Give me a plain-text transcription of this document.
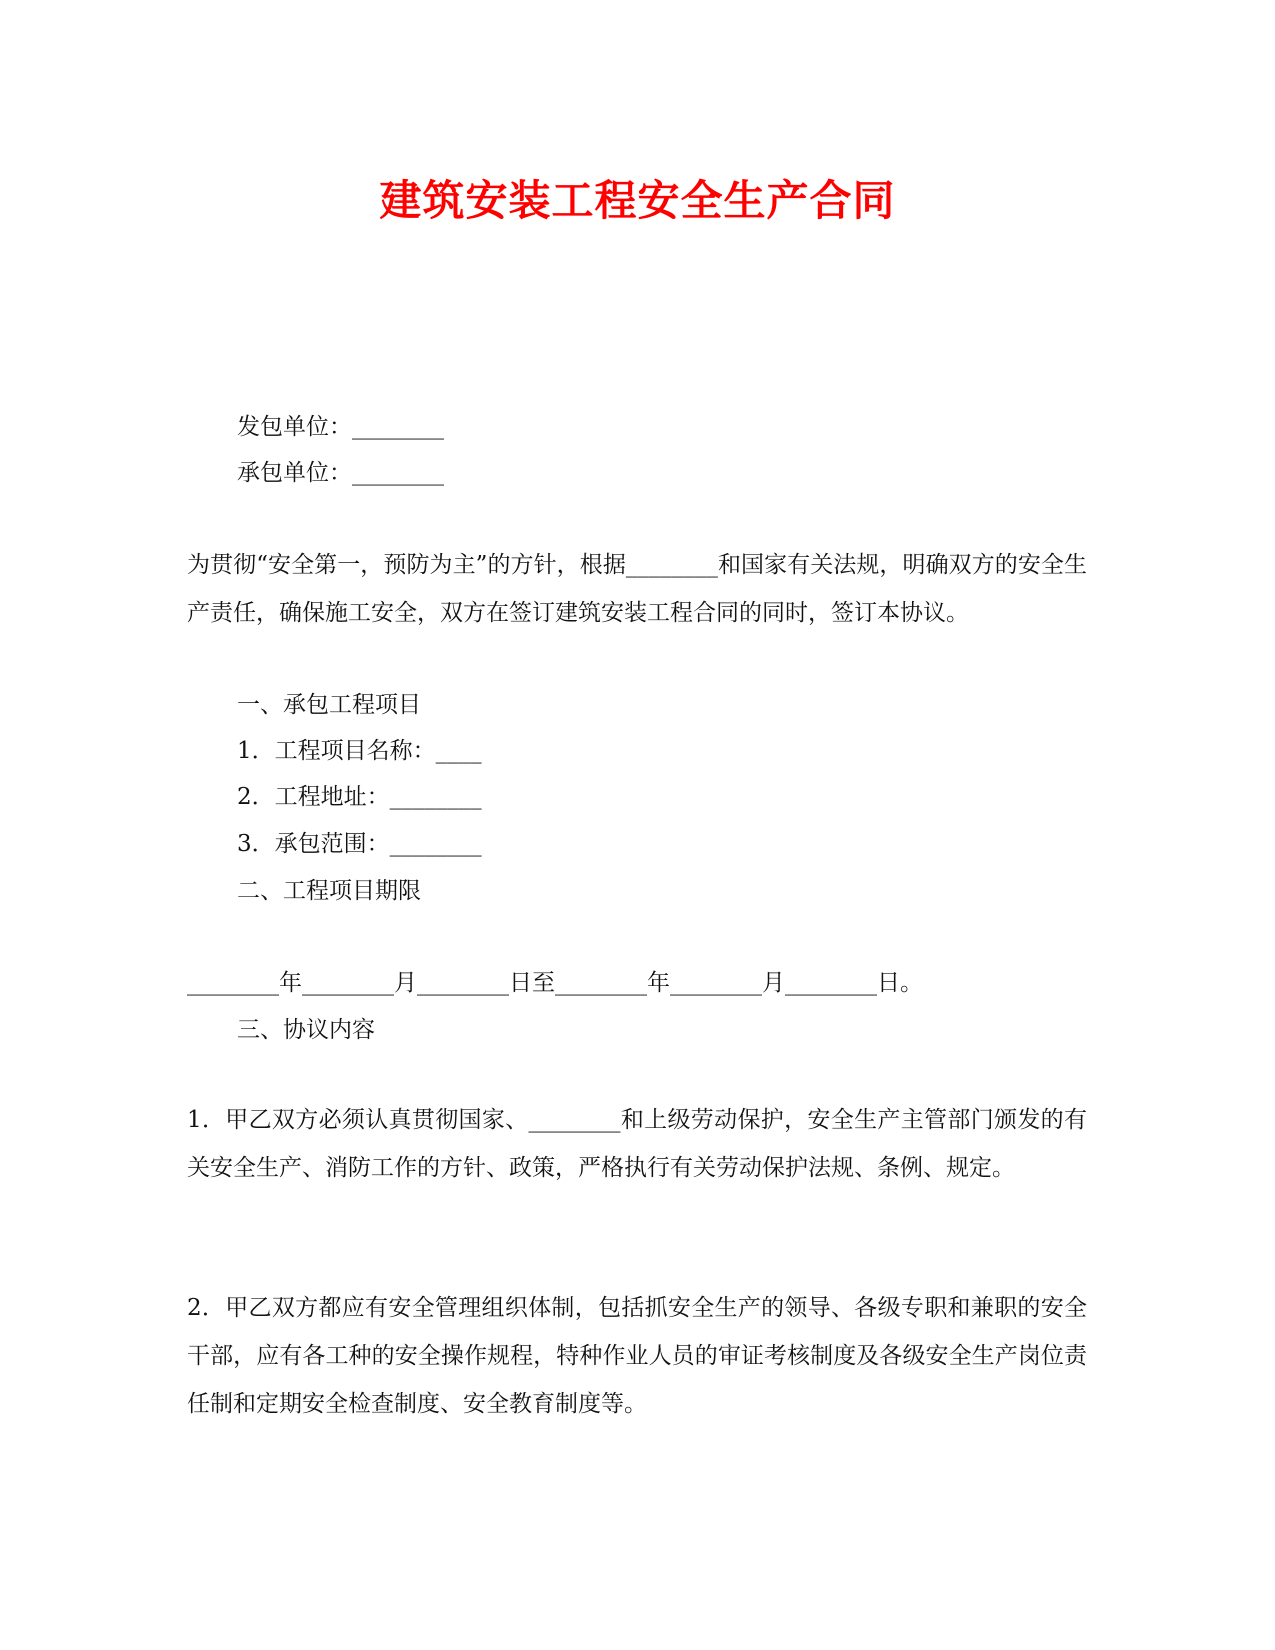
建筑安装工程安全生产合同

发包单位：________

承包单位：________

为贯彻“安全第一，预防为主”的方针，根据________和国家有关法规，明确双方的安全生产责任，确保施工安全，双方在签订建筑安装工程合同的同时，签订本协议。

一、承包工程项目

1．工程项目名称：____

2．工程地址：________

3．承包范围：________

二、工程项目期限

________年________月________日至________年________月________日。

三、协议内容

1．甲乙双方必须认真贯彻国家、________和上级劳动保护，安全生产主管部门颁发的有关安全生产、消防工作的方针、政策，严格执行有关劳动保护法规、条例、规定。

2．甲乙双方都应有安全管理组织体制，包括抓安全生产的领导、各级专职和兼职的安全干部，应有各工种的安全操作规程，特种作业人员的审证考核制度及各级安全生产岗位责任制和定期安全检查制度、安全教育制度等。
